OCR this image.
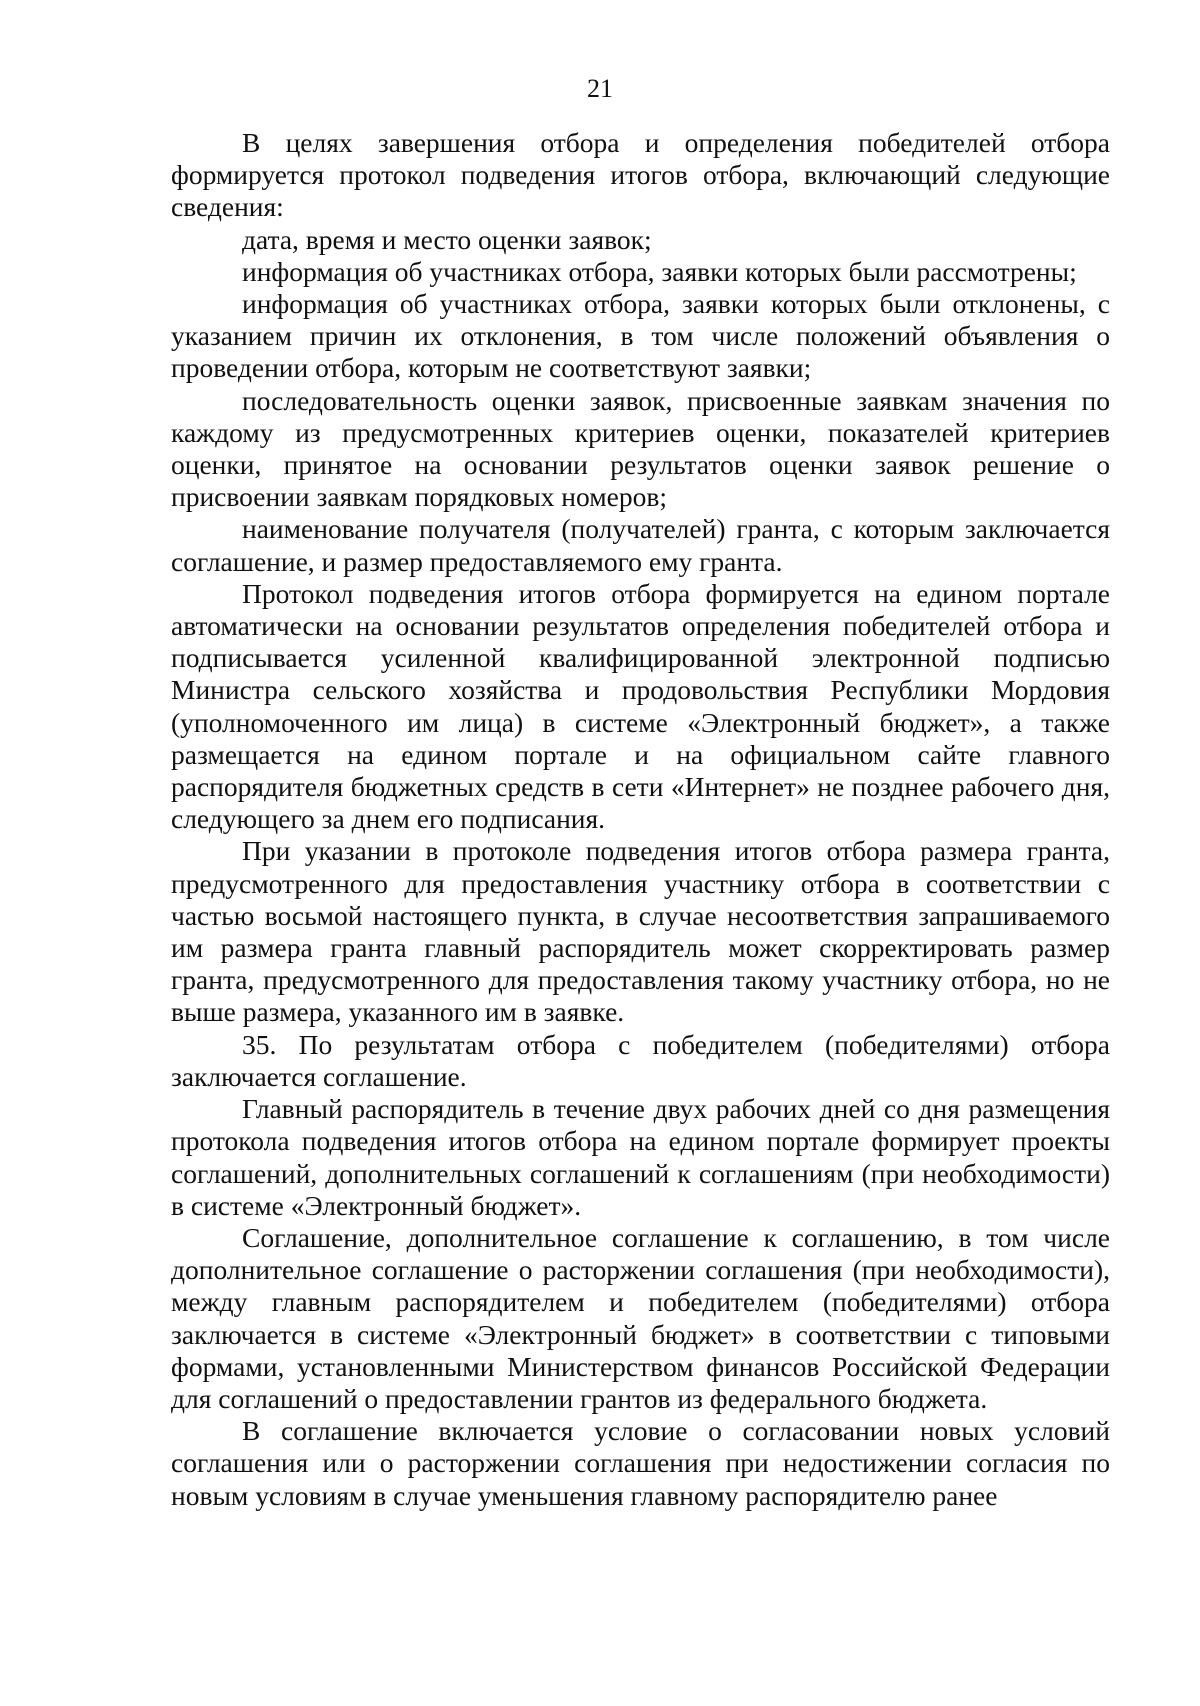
21

В целях завершения отбора и определения победителей отбора формируется протокол подведения итогов отбора, включающий следующие сведения:

дата, время и место оценки заявок;

информация об участниках отбора, заявки которых были рассмотрены;

информация об участниках отбора, заявки которых были отклонены, с указанием причин их отклонения, в том числе положений объявления о проведении отбора, которым не соответствуют заявки;

последовательность оценки заявок, присвоенные заявкам значения по каждому из предусмотренных критериев оценки, показателей критериев оценки, принятое на основании результатов оценки заявок решение о присвоении заявкам порядковых номеров;

наименование получателя (получателей) гранта, с которым заключается соглашение, и размер предоставляемого ему гранта.

Протокол подведения итогов отбора формируется на едином портале автоматически на основании результатов определения победителей отбора и подписывается усиленной квалифицированной электронной подписью Министра сельского хозяйства и продовольствия Республики Мордовия (уполномоченного им лица) в системе «Электронный бюджет», а также размещается на едином портале и на официальном сайте главного распорядителя бюджетных средств в сети «Интернет» не позднее рабочего дня, следующего за днем его подписания.

При указании в протоколе подведения итогов отбора размера гранта, предусмотренного для предоставления участнику отбора в соответствии с частью восьмой настоящего пункта, в случае несоответствия запрашиваемого им размера гранта главный распорядитель может скорректировать размер гранта, предусмотренного для предоставления такому участнику отбора, но не выше размера, указанного им в заявке.

35. По результатам отбора с победителем (победителями) отбора заключается соглашение.

Главный распорядитель в течение двух рабочих дней со дня размещения протокола подведения итогов отбора на едином портале формирует проекты соглашений, дополнительных соглашений к соглашениям (при необходимости) в системе «Электронный бюджет».

Соглашение, дополнительное соглашение к соглашению, в том числе дополнительное соглашение о расторжении соглашения (при необходимости), между главным распорядителем и победителем (победителями) отбора заключается в системе «Электронный бюджет» в соответствии с типовыми формами, установленными Министерством финансов Российской Федерации для соглашений о предоставлении грантов из федерального бюджета.

В соглашение включается условие о согласовании новых условий соглашения или о расторжении соглашения при недостижении согласия по новым условиям в случае уменьшения главному распорядителю ранее
